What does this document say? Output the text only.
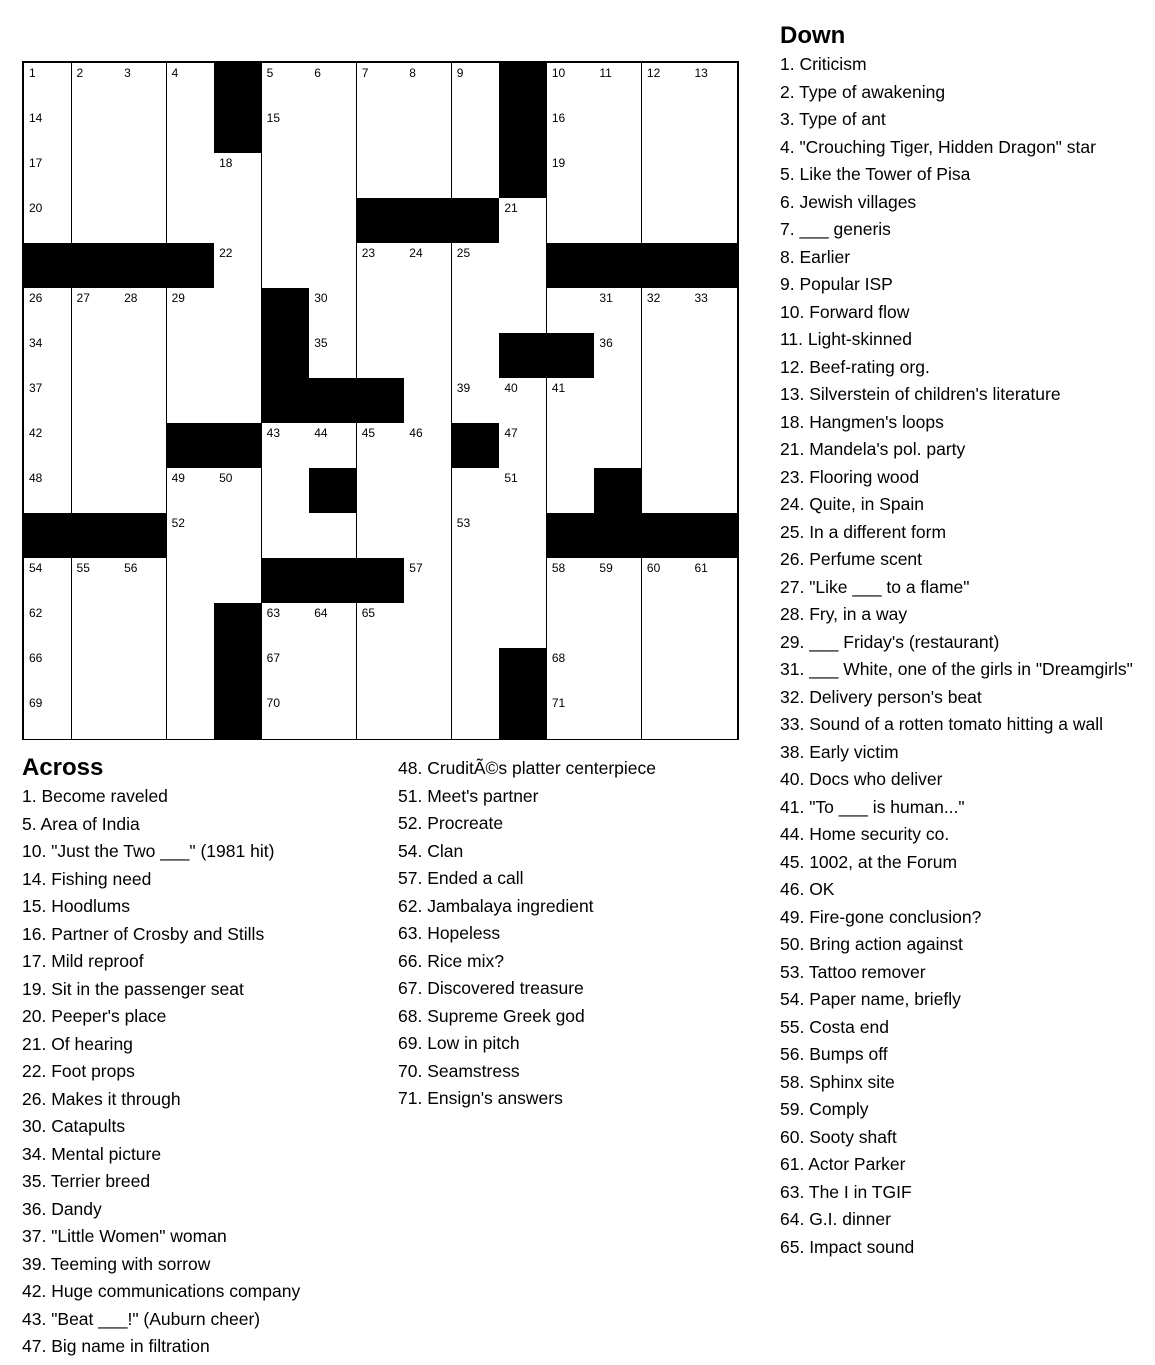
1	2	3	4	5	6	7	8	9	10	11	12	13
14	15	16
17	18	19
20	21
22	23	24	25
26	27	28	29	30	31	32	33
34	35	36
37	39	40	41
42	43	44	45	46	47
48	49	50	51
52	53
54	55	56	57	58	59	60	61
62	63	64	65
66	67	68
69	70	71
Across
1. Become raveled
5. Area of India
10. "Just the Two ___" (1981 hit)
14. Fishing need
15. Hoodlums
16. Partner of Crosby and Stills
17. Mild reproof
19. Sit in the passenger seat
20. Peeper's place
21. Of hearing
22. Foot props
26. Makes it through
30. Catapults
34. Mental picture
35. Terrier breed
36. Dandy
37. "Little Women" woman
39. Teeming with sorrow
42. Huge communications company
43. "Beat ___!" (Auburn cheer)
47. Big name in filtration
48. CruditÃ©s platter centerpiece
51. Meet's partner
52. Procreate
54. Clan
57. Ended a call
62. Jambalaya ingredient
63. Hopeless
66. Rice mix?
67. Discovered treasure
68. Supreme Greek god
69. Low in pitch
70. Seamstress
71. Ensign's answers
Down
1. Criticism
2. Type of awakening
3. Type of ant
4. "Crouching Tiger, Hidden Dragon" star
5. Like the Tower of Pisa
6. Jewish villages
7. ___ generis
8. Earlier
9. Popular ISP
10. Forward flow
11. Light-skinned
12. Beef-rating org.
13. Silverstein of children's literature
18. Hangmen's loops
21. Mandela's pol. party
23. Flooring wood
24. Quite, in Spain
25. In a different form
26. Perfume scent
27. "Like ___ to a flame"
28. Fry, in a way
29. ___ Friday's (restaurant)
31. ___ White, one of the girls in "Dreamgirls"
32. Delivery person's beat
33. Sound of a rotten tomato hitting a wall
38. Early victim
40. Docs who deliver
41. "To ___ is human..."
44. Home security co.
45. 1002, at the Forum
46. OK
49. Fire-gone conclusion?
50. Bring action against
53. Tattoo remover
54. Paper name, briefly
55. Costa end
56. Bumps off
58. Sphinx site
59. Comply
60. Sooty shaft
61. Actor Parker
63. The I in TGIF
64. G.I. dinner
65. Impact sound
